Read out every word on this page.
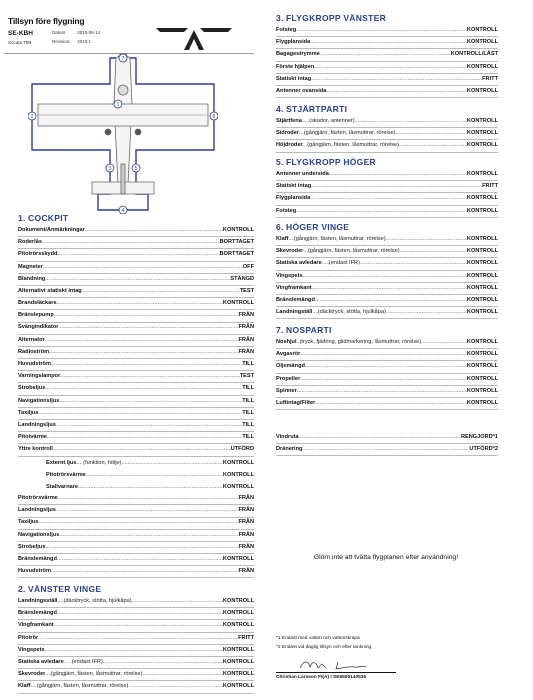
Tillsyn före flygning
SE-KBH
Socata TB9
Datum: 2010-06-14
Revision: 2010:1
1
2
3
4
5
6
7
1. COCKPIT
Dokument/Anmärkningar .....	KONTROLL
Roderlås .....	BORTTAGET
Pitotrörsskydd .....	BORTTAGET
Magneter .....	OFF
Blandning .....	STÄNGD
Alternativt statiskt intag .....	TEST
Brandsläckare .....	KONTROLL
Bränslepump .....	FRÅN
Svängindikator .....	FRÅN
Alternator .....	FRÅN
Radioström .....	FRÅN
Huvudström .....	TILL
Varningslampor .....	TEST
Strobeljus .....	TILL
Navigationsljus .....	TILL
Taxiljus .....	TILL
Landningsljus .....	TILL
Pitotvärme .....	TILL
Yttre kontroll .....	UTFÖRD
Externt ljus ..... (funktion, hölje) .....	KONTROLL
Pitotrörsvärme .....	KONTROLL
Stallvarnare .....	KONTROLL
Pitotrörsvärme .....	FRÅN
Landningsljus .....	FRÅN
Taxiljus .....	FRÅN
Navigationsljus .....	FRÅN
Strobeljus .....	FRÅN
Bränslemängd .....	KONTROLL
Huvudström .....	FRÅN
2. VÄNSTER VINGE
Landningsställ ..... (däcktryck, stötta, hjulkåpa) .....	KONTROLL
Bränslemängd .....	KONTROLL
Vingframkant .....	KONTROLL
Pitotrör .....	FRITT
Vingspets .....	KONTROLL
Statiska avledare ..... (endast IFR) .....	KONTROLL
Skevroder ..... (gångjärn, fästen, låsmuttrar, rörelse) .....	KONTROLL
Klaff ..... (gångjärn, fästen, låsmuttrar, rörelse) .....	KONTROLL
3. FLYGKROPP VÄNSTER
Fotsteg .....	KONTROLL
Flygplansida .....	KONTROLL
Bagageutrymme .....	KONTROLL/LÅST
Förste hjälpen .....	KONTROLL
Statiskt intag .....	FRITT
Antenner ovansida .....	KONTROLL
4. STJÄRTPARTI
Stjärtfena ..... (skador, antenner) .....	KONTROLL
Sidroder ..... (gångjärn, fästen, låsmuttrar, rörelse) .....	KONTROLL
Höjdroder ..... (gångjärn, fästen, låsmuttrar, rörelse) .....	KONTROLL
5. FLYGKROPP HÖGER
Antenner undersida .....	KONTROLL
Statiskt intag .....	FRITT
Flygplansida .....	KONTROLL
Fotsteg .....	KONTROLL
6. HÖGER VINGE
Klaff ..... (gångjärn, fästen, låsmuttrar, rörelse) .....	KONTROLL
Skevroder ..... (gångjärn, fästen, låsmuttrar, rörelse) .....	KONTROLL
Statiska avledare ..... (endast IFR) .....	KONTROLL
Vingspets .....	KONTROLL
Vingframkant .....	KONTROLL
Bränslemängd .....	KONTROLL
Landningställ ..... (däcktryck, stötta, hjulkåpa) .....	KONTROLL
7. NOSPARTI
Noshjul ..... (tryck, fjädring, glidmarkering, låsmuttrar, rörelse) .....	KONTROLL
Avgasrör .....	KONTROLL
Oljemängd .....	KONTROLL
Propeller .....	KONTROLL
Spinner .....	KONTROLL
Luftintag/Filter .....	KONTROLL
Vindruta .....	RENGJORD*1
Dränering .....	UTFÖRD*2
Glöm inte att tvätta flygplanen efter användning!
*1 Endast med vatten och vattenskrapa
*2 Endast vid daglig tillsyn och efter tankning
Christian Larsson FI(A) I SE6505140536
